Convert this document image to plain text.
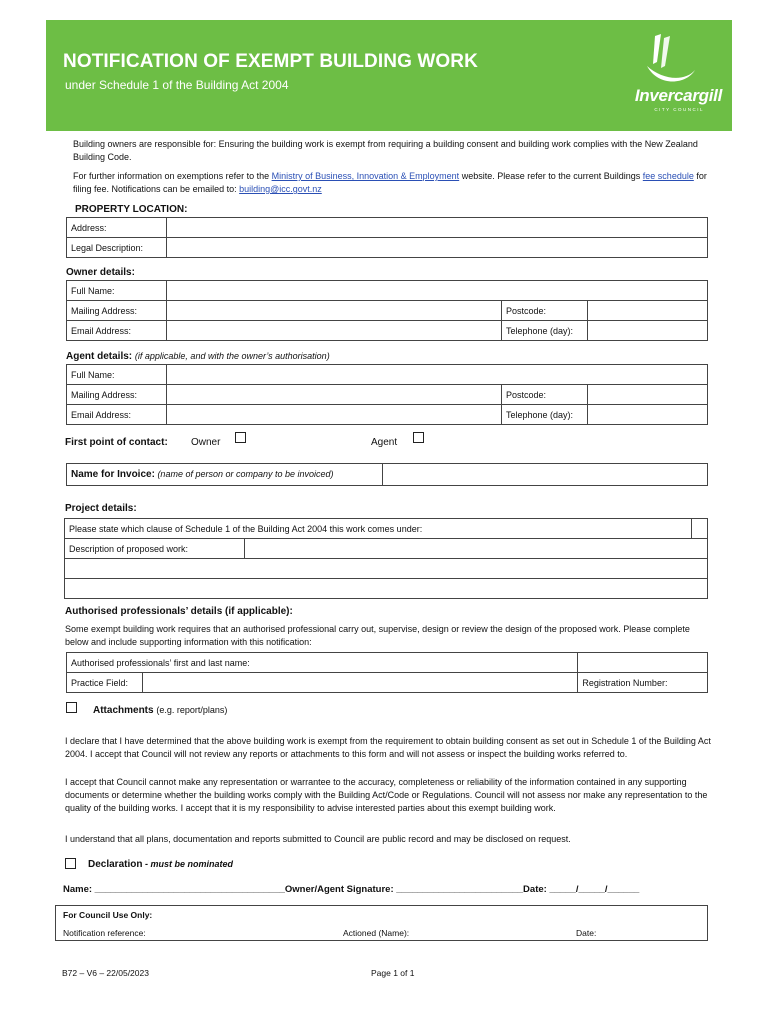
NOTIFICATION OF EXEMPT BUILDING WORK
under Schedule 1 of the Building Act 2004
Invercargill
CITY COUNCIL
Building owners are responsible for: Ensuring the building work is exempt from requiring a building consent and building work complies with the New Zealand Building Code.
For further information on exemptions refer to the Ministry of Business, Innovation & Employment website. Please refer to the current Buildings fee schedule for filing fee. Notifications can be emailed to: building@icc.govt.nz
PROPERTY LOCATION:
Address:	
Legal Description:	
Owner details:
Full Name:			
Mailing Address:		Postcode:	
Email Address:		Telephone (day):	
Agent details: (if applicable, and with the owner’s authorisation)
Full Name:			
Mailing Address:		Postcode:	
Email Address:		Telephone (day):	
First point of contact: Owner	Agent
Name for Invoice: (name of person or company to be invoiced)	
Project details:
Please state which clause of Schedule 1 of the Building Act 2004 this work comes under:		
Description of proposed work:		

Authorised professionals’ details (if applicable):
Some exempt building work requires that an authorised professional carry out, supervise, design or review the design of the proposed work. Please complete below and include supporting information with this notification:
Authorised professionals’ first and last name:		
Practice Field:		Registration Number:
Attachments (e.g. report/plans)
I declare that I have determined that the above building work is exempt from the requirement to obtain building consent as set out in Schedule 1 of the Building Act 2004. I accept that Council will not review any reports or attachments to this form and will not assess or inspect the building works referred to.
I accept that Council cannot make any representation or warrantee to the accuracy, completeness or reliability of the information contained in any supporting documents or determine whether the building works comply with the Building Act/Code or Regulations. Council will not assess nor make any representation to the quality of the building works. I accept that it is my responsibility to advise interested parties about this exempt building work.
I understand that all plans, documentation and reports submitted to Council are public record and may be disclosed on request.
Declaration - must be nominated
Name: ____________________________________Owner/Agent Signature: ________________________Date: _____/_____/______
For Council Use Only:
Notification reference:	Actioned (Name):	Date:
B72 – V6 – 22/05/2023	Page 1 of 1
